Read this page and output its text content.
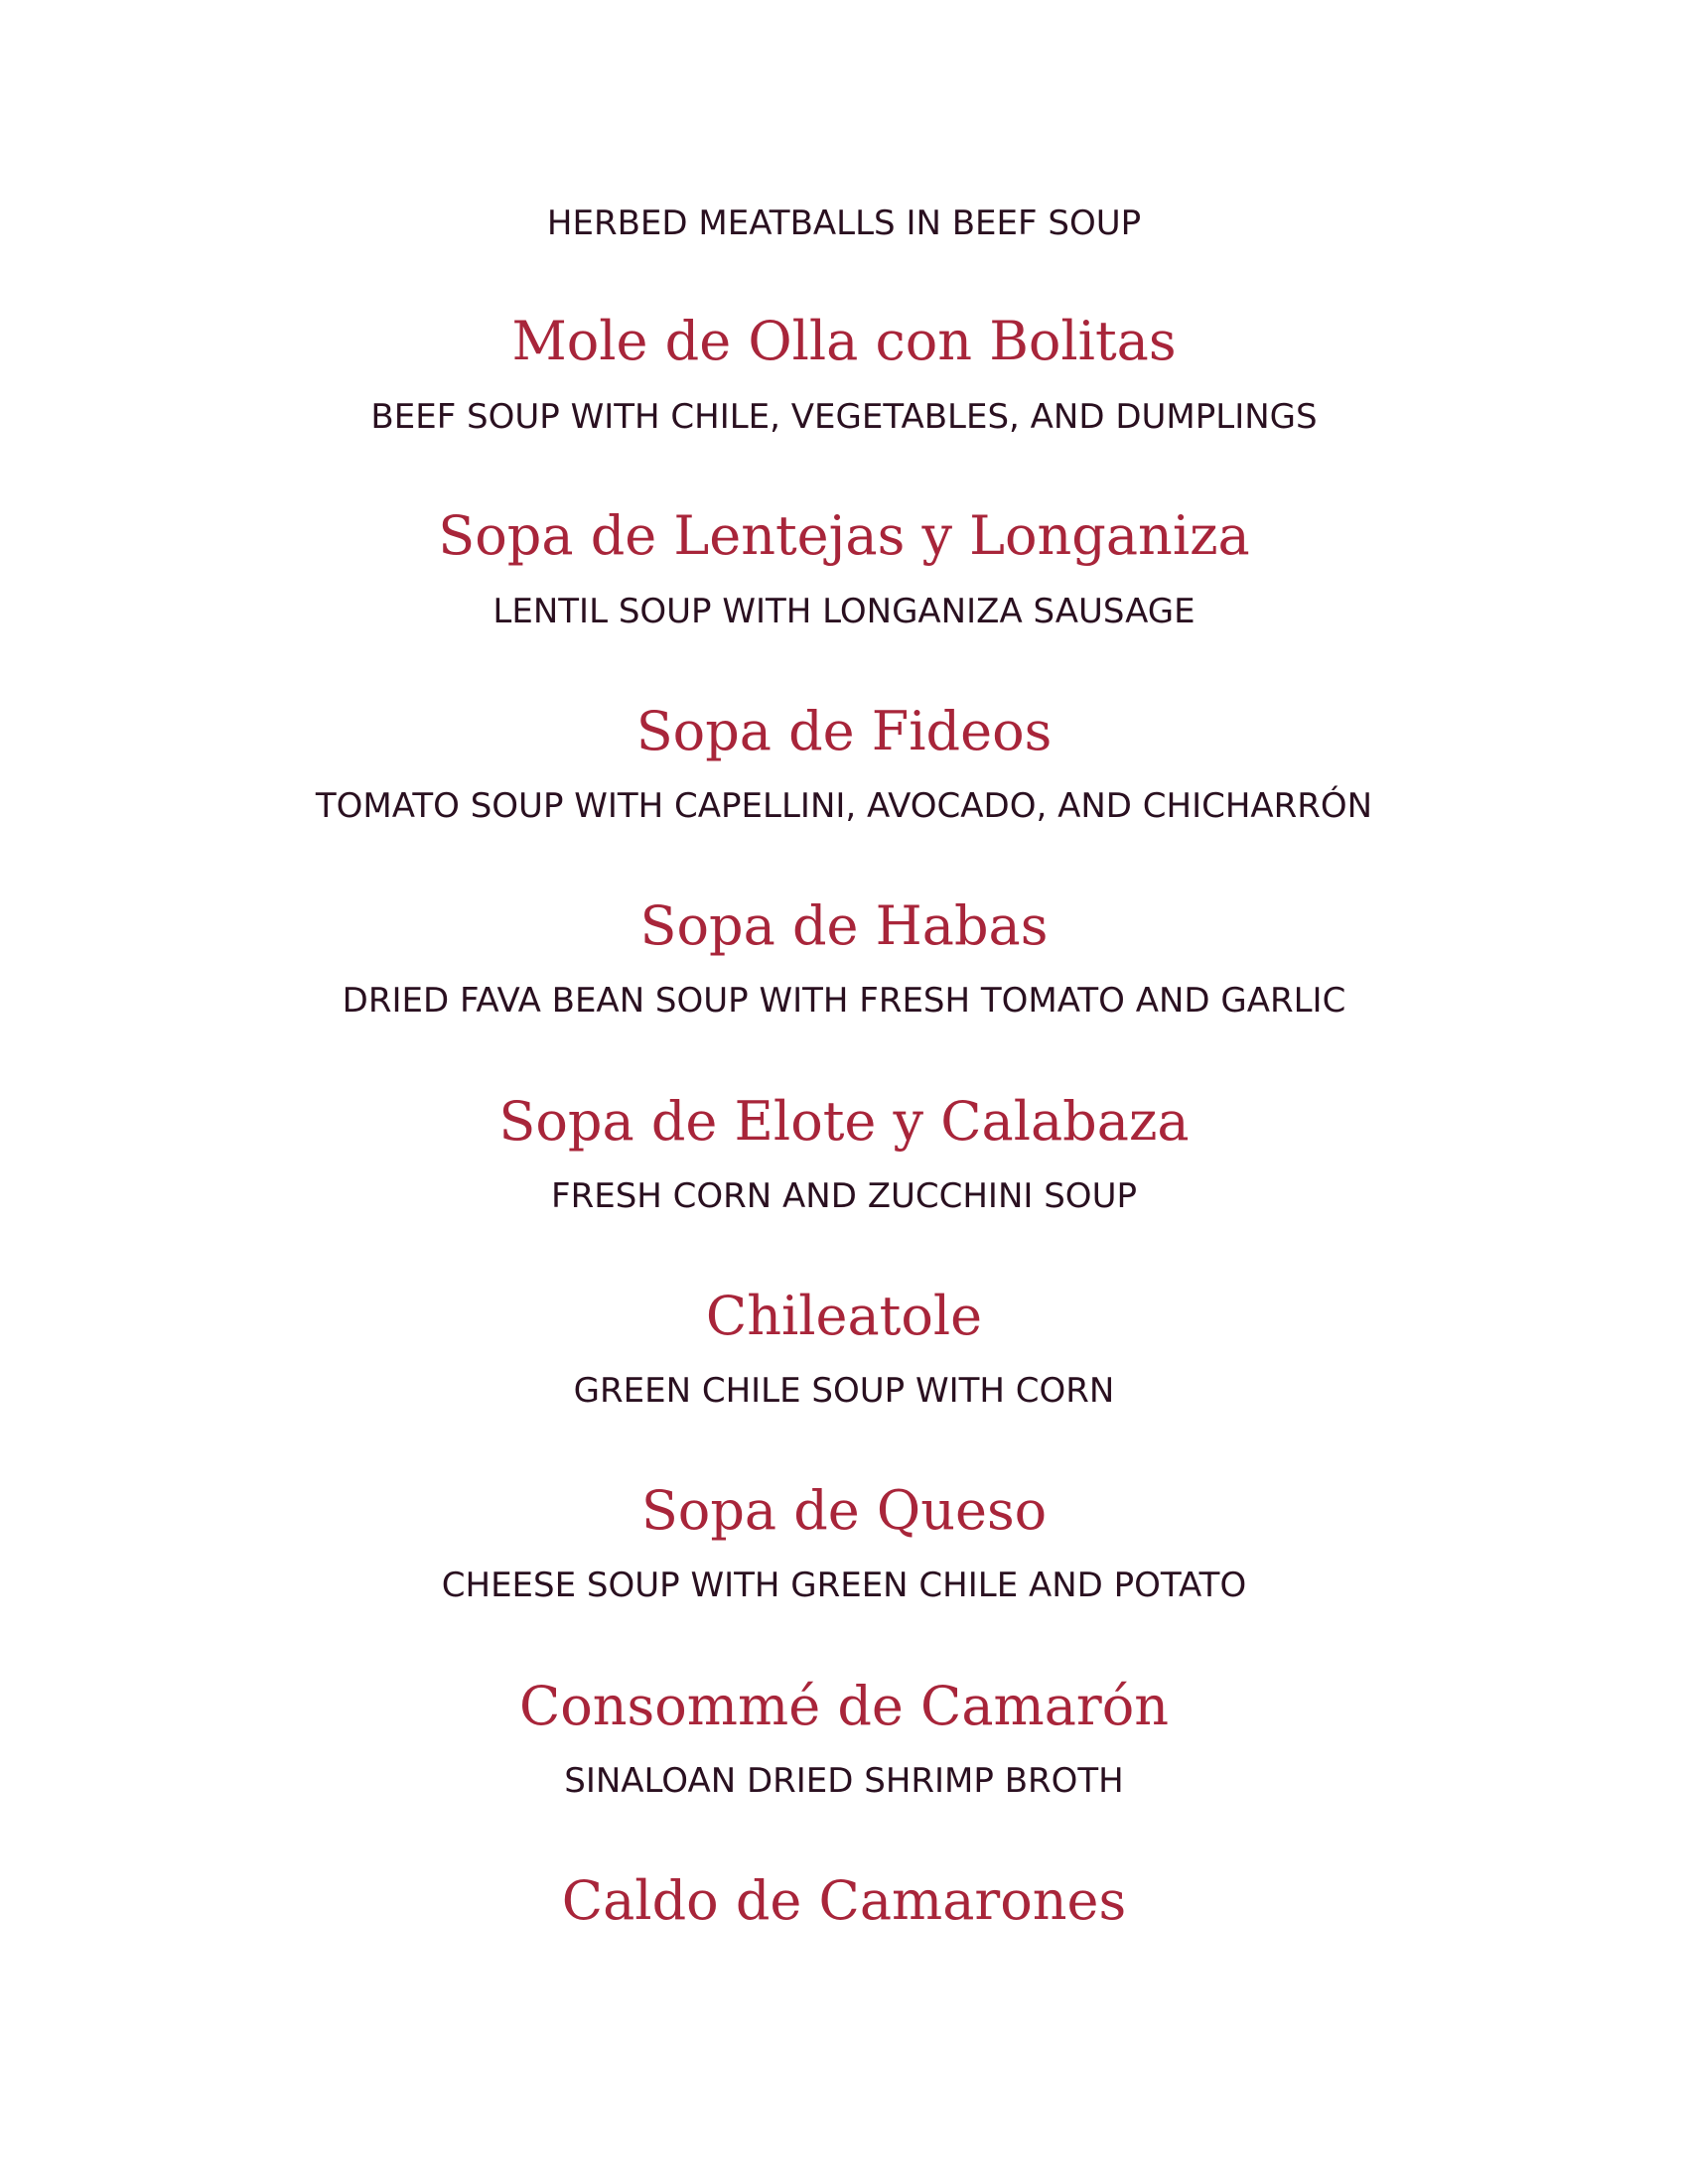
HERBED MEATBALLS IN BEEF SOUP

Mole de Olla con Bolitas

BEEF SOUP WITH CHILE, VEGETABLES, AND DUMPLINGS

Sopa de Lentejas y Longaniza

LENTIL SOUP WITH LONGANIZA SAUSAGE

Sopa de Fideos

TOMATO SOUP WITH CAPELLINI, AVOCADO, AND CHICHARRÓN

Sopa de Habas

DRIED FAVA BEAN SOUP WITH FRESH TOMATO AND GARLIC

Sopa de Elote y Calabaza

FRESH CORN AND ZUCCHINI SOUP

Chileatole

GREEN CHILE SOUP WITH CORN

Sopa de Queso

CHEESE SOUP WITH GREEN CHILE AND POTATO

Consommé de Camarón

SINALOAN DRIED SHRIMP BROTH

Caldo de Camarones
